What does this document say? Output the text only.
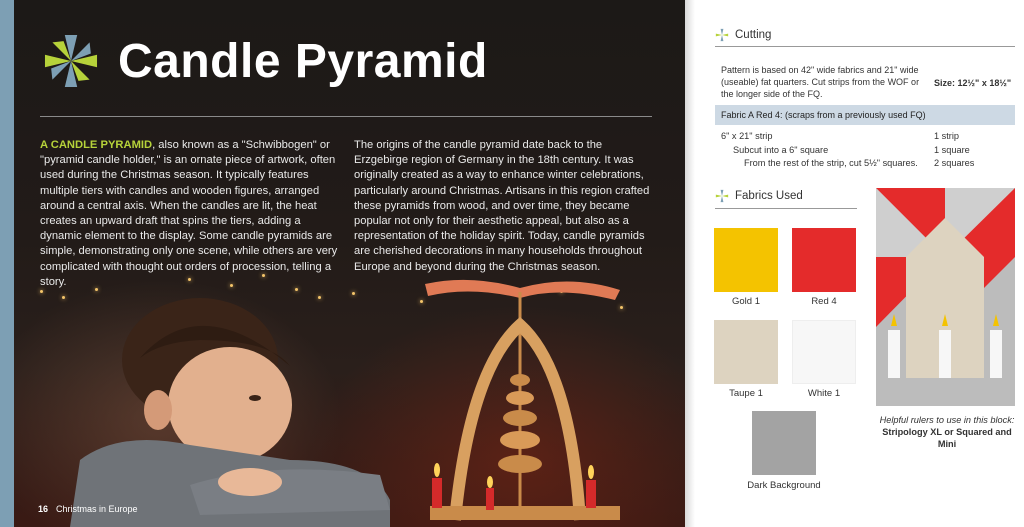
Candle Pyramid
A CANDLE PYRAMID, also known as a "Schwibbogen" or "pyramid candle holder," is an ornate piece of artwork, often used during the Christmas season. It typically features multiple tiers with candles and wooden figures, arranged around a central axis. When the candles are lit, the heat creates an upward draft that spins the tiers, adding a dynamic element to the display. Some candle pyramids are simple, demonstrating only one scene, while others are very complicated with thought out orders of procession, telling a story.
The origins of the candle pyramid date back to the Erzgebirge region of Germany in the 18th century. It was originally created as a way to enhance winter celebrations, particularly around Christmas. Artisans in this region crafted these pyramids from wood, and over time, they became popular not only for their aesthetic appeal, but also as a representation of the holiday spirit. Today, candle pyramids are cherished decorations in many households throughout Europe and beyond during the Christmas season.
16 Christmas in Europe
Cutting
Pattern is based on 42" wide fabrics and 21" wide (useable) fat quarters. Cut strips from the WOF or the longer side of the FQ.
Size: 12½" x 18½"
Fabric A Red 4: (scraps from a previously used FQ)
6" x 21" strip	1 strip
Subcut into a 6" square	1 square
From the rest of the strip, cut 5½" squares. 2 squares
Fabrics Used
Gold 1	Red 4
Taupe 1	White 1
Dark Background
Helpful rulers to use in this block:
Stripology XL or Squared and Mini
